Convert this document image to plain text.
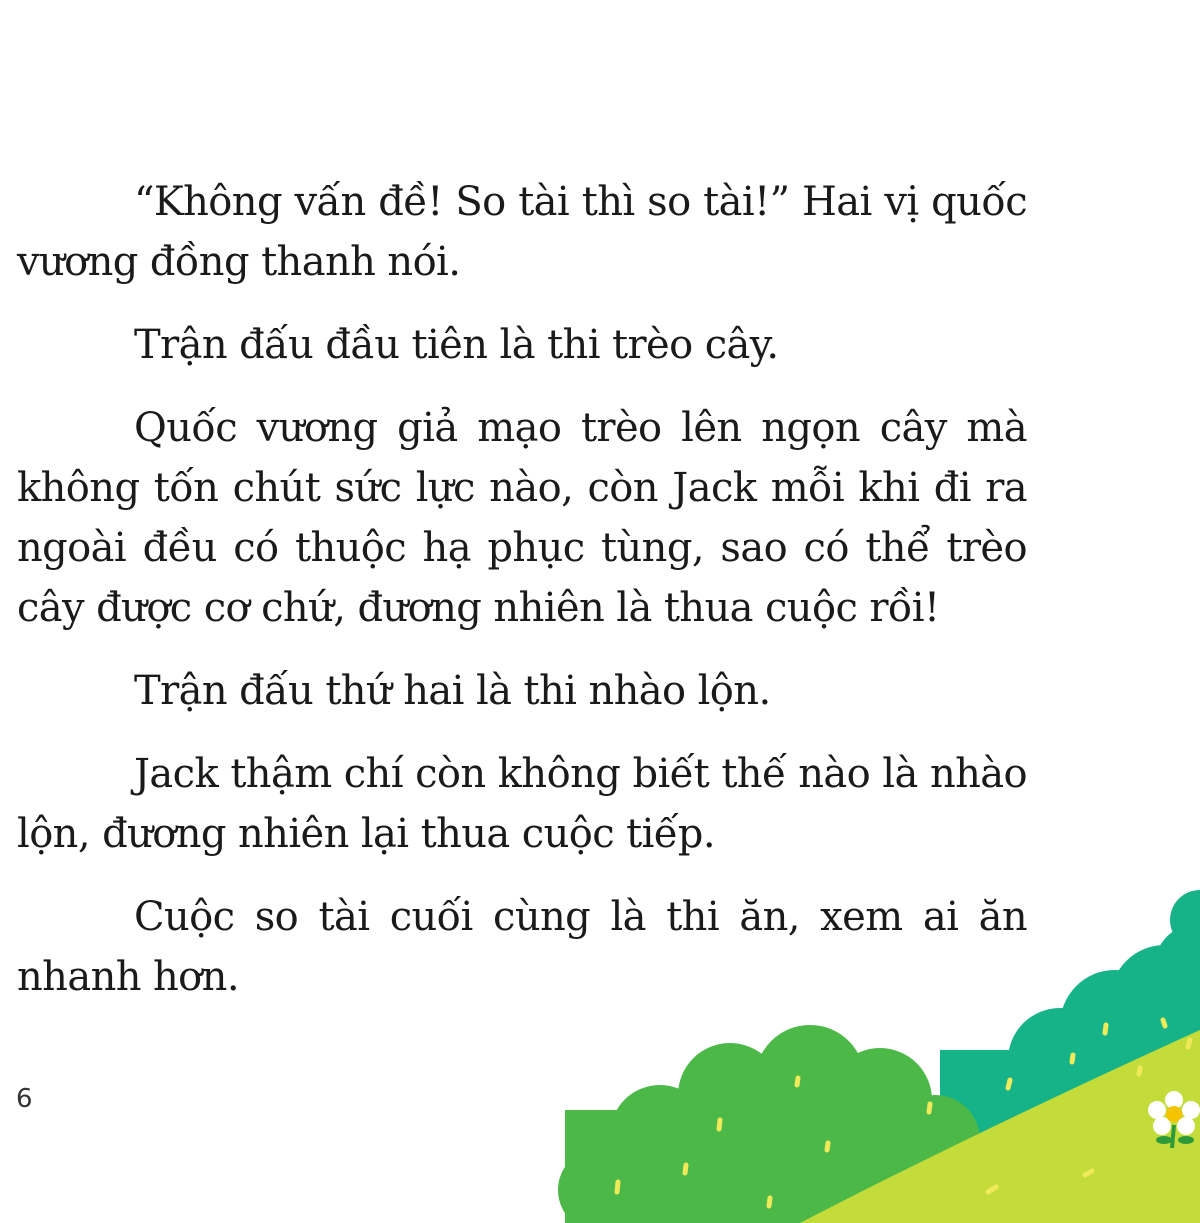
“Không vấn đề! So tài thì so tài!” Hai vị quốc vương đồng thanh nói.

Trận đấu đầu tiên là thi trèo cây.

Quốc vương giả mạo trèo lên ngọn cây mà không tốn chút sức lực nào, còn Jack mỗi khi đi ra ngoài đều có thuộc hạ phục tùng, sao có thể trèo cây được cơ chứ, đương nhiên là thua cuộc rồi!

Trận đấu thứ hai là thi nhào lộn.

Jack thậm chí còn không biết thế nào là nhào lộn, đương nhiên lại thua cuộc tiếp.

Cuộc so tài cuối cùng là thi ăn, xem ai ăn nhanh hơn.

6
